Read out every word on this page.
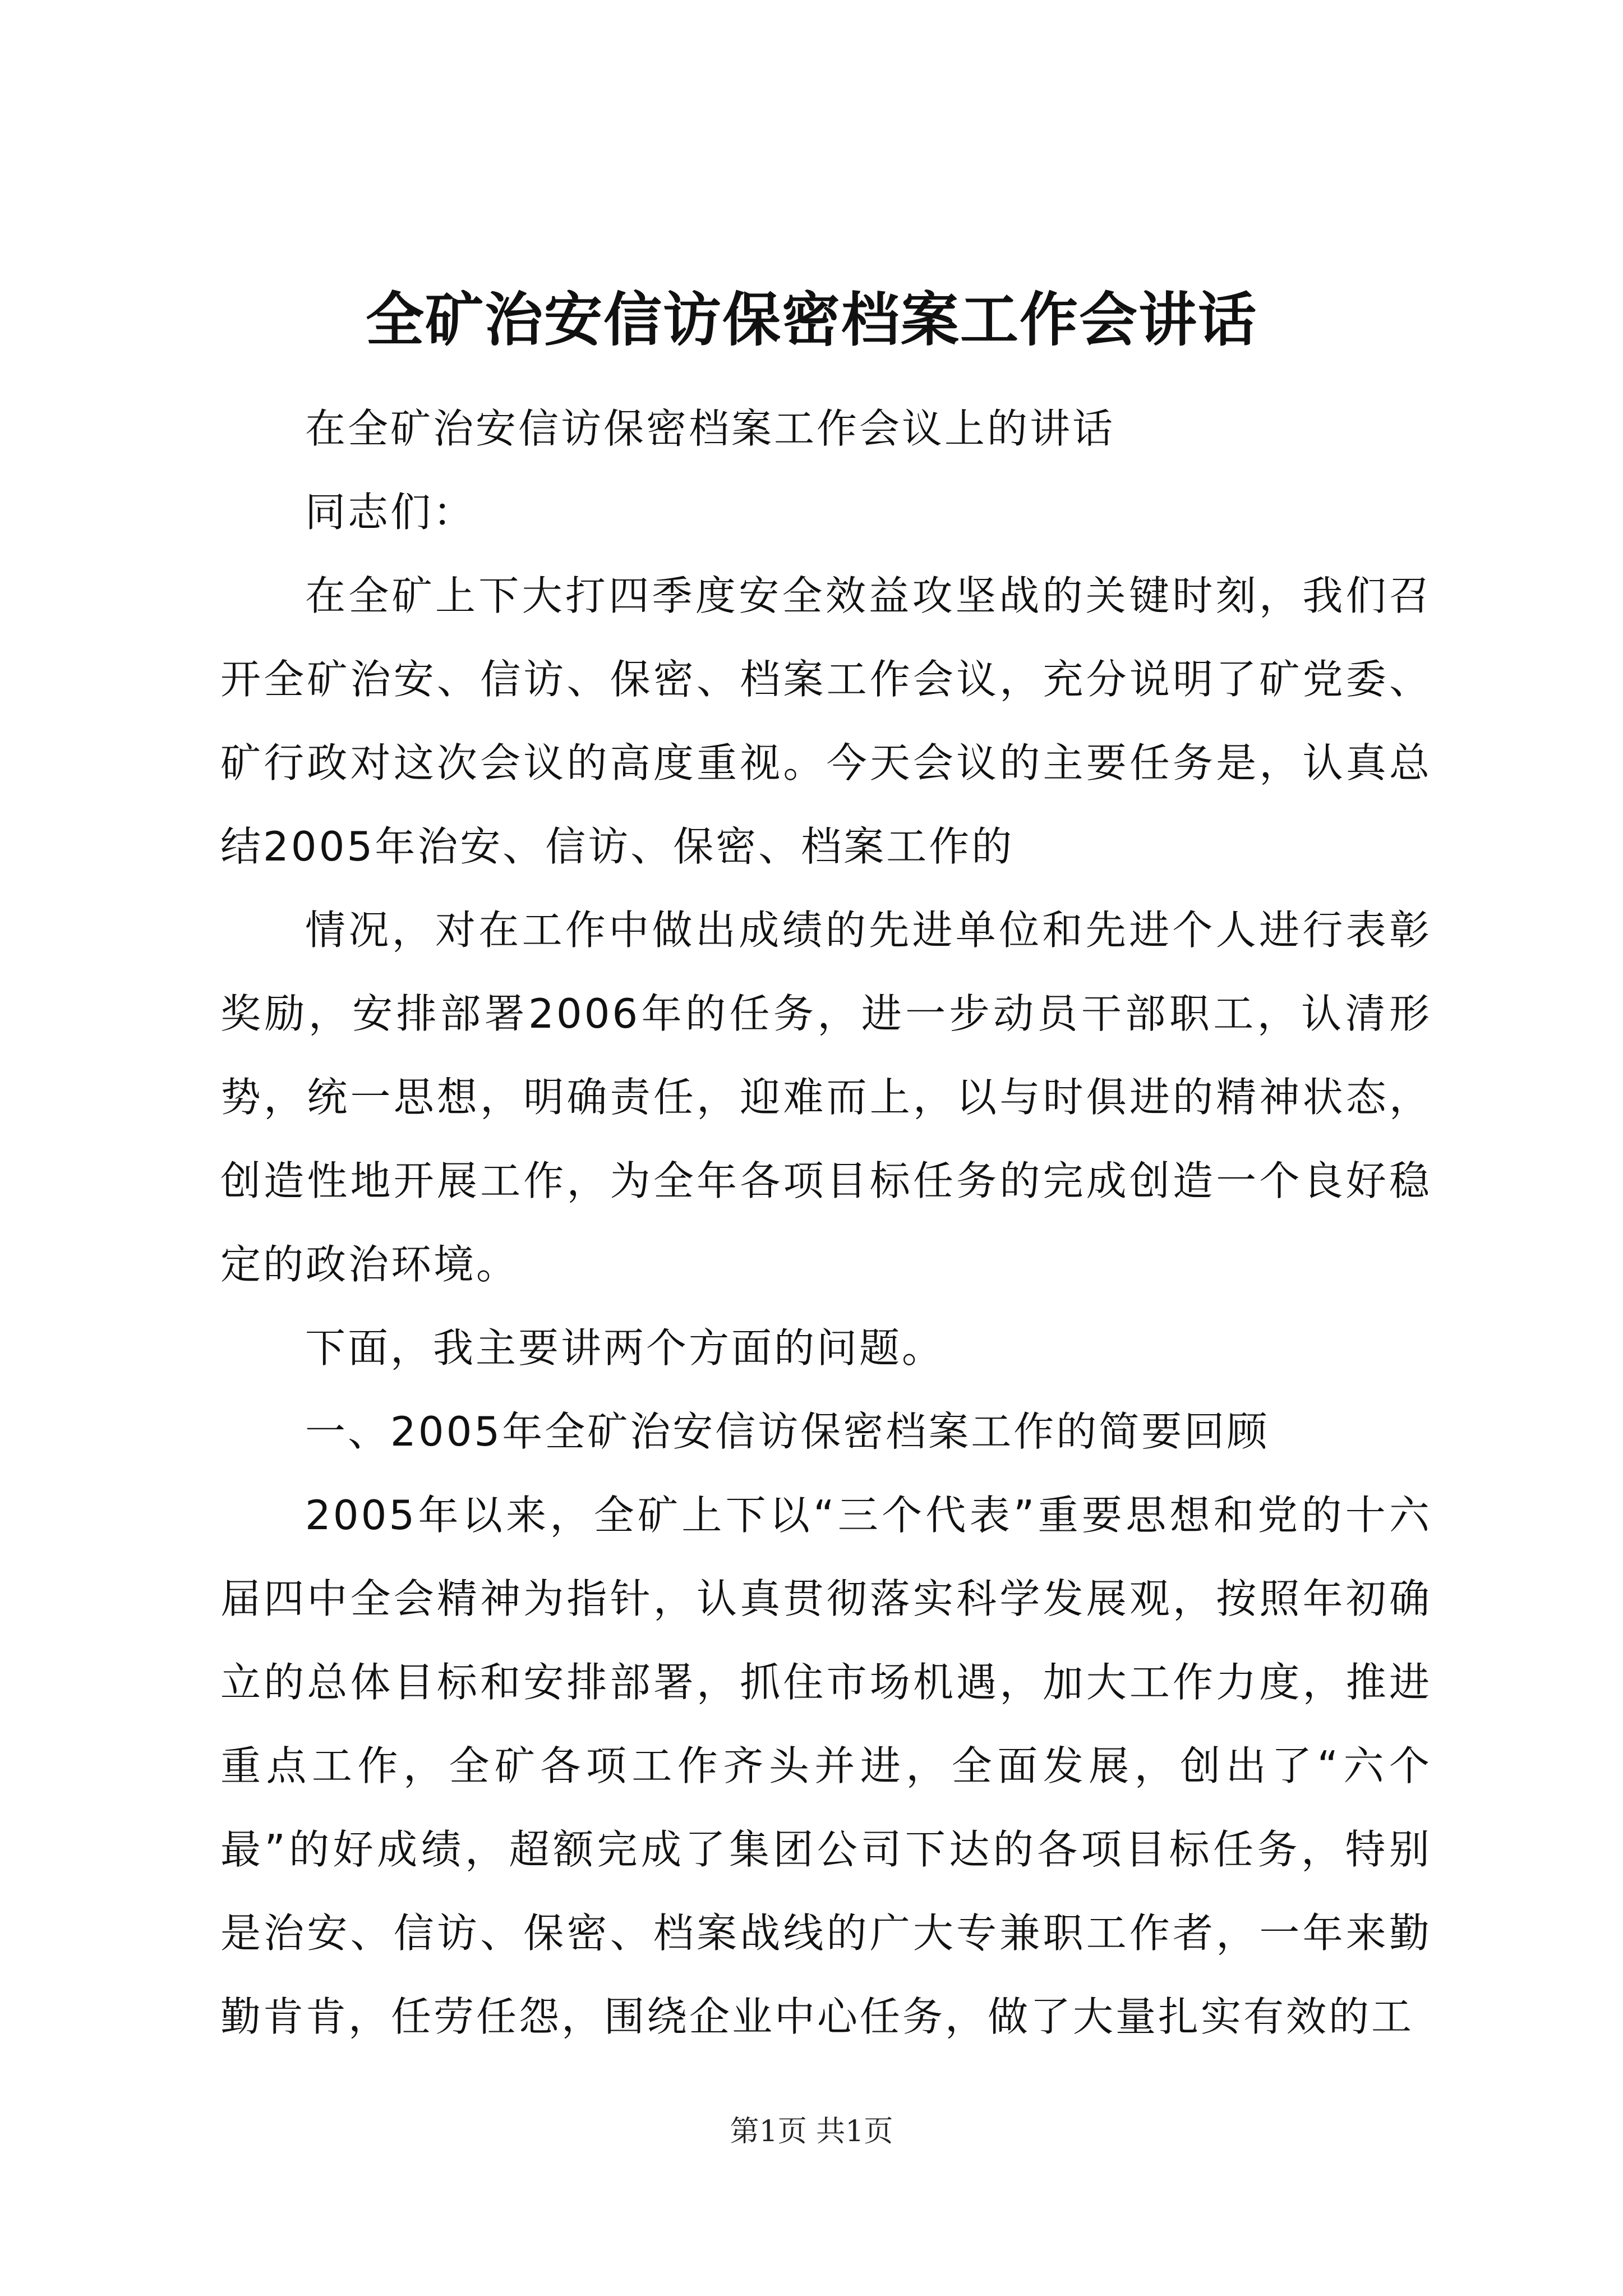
全矿治安信访保密档案工作会讲话

在全矿治安信访保密档案工作会议上的讲话

同志们：

在全矿上下大打四季度安全效益攻坚战的关键时刻，我们召开全矿治安、信访、保密、档案工作会议，充分说明了矿党委、矿行政对这次会议的高度重视。今天会议的主要任务是，认真总结2005年治安、信访、保密、档案工作的

情况，对在工作中做出成绩的先进单位和先进个人进行表彰奖励，安排部署2006年的任务，进一步动员干部职工，认清形势，统一思想，明确责任，迎难而上，以与时俱进的精神状态，创造性地开展工作，为全年各项目标任务的完成创造一个良好稳定的政治环境。

下面，我主要讲两个方面的问题。

一、2005年全矿治安信访保密档案工作的简要回顾

2005年以来，全矿上下以“三个代表”重要思想和党的十六届四中全会精神为指针，认真贯彻落实科学发展观，按照年初确立的总体目标和安排部署，抓住市场机遇，加大工作力度，推进重点工作，全矿各项工作齐头并进，全面发展，创出了“六个最”的好成绩，超额完成了集团公司下达的各项目标任务，特别是治安、信访、保密、档案战线的广大专兼职工作者，一年来勤勤肯肯，任劳任怨，围绕企业中心任务，做了大量扎实有效的工

第1页 共1页
